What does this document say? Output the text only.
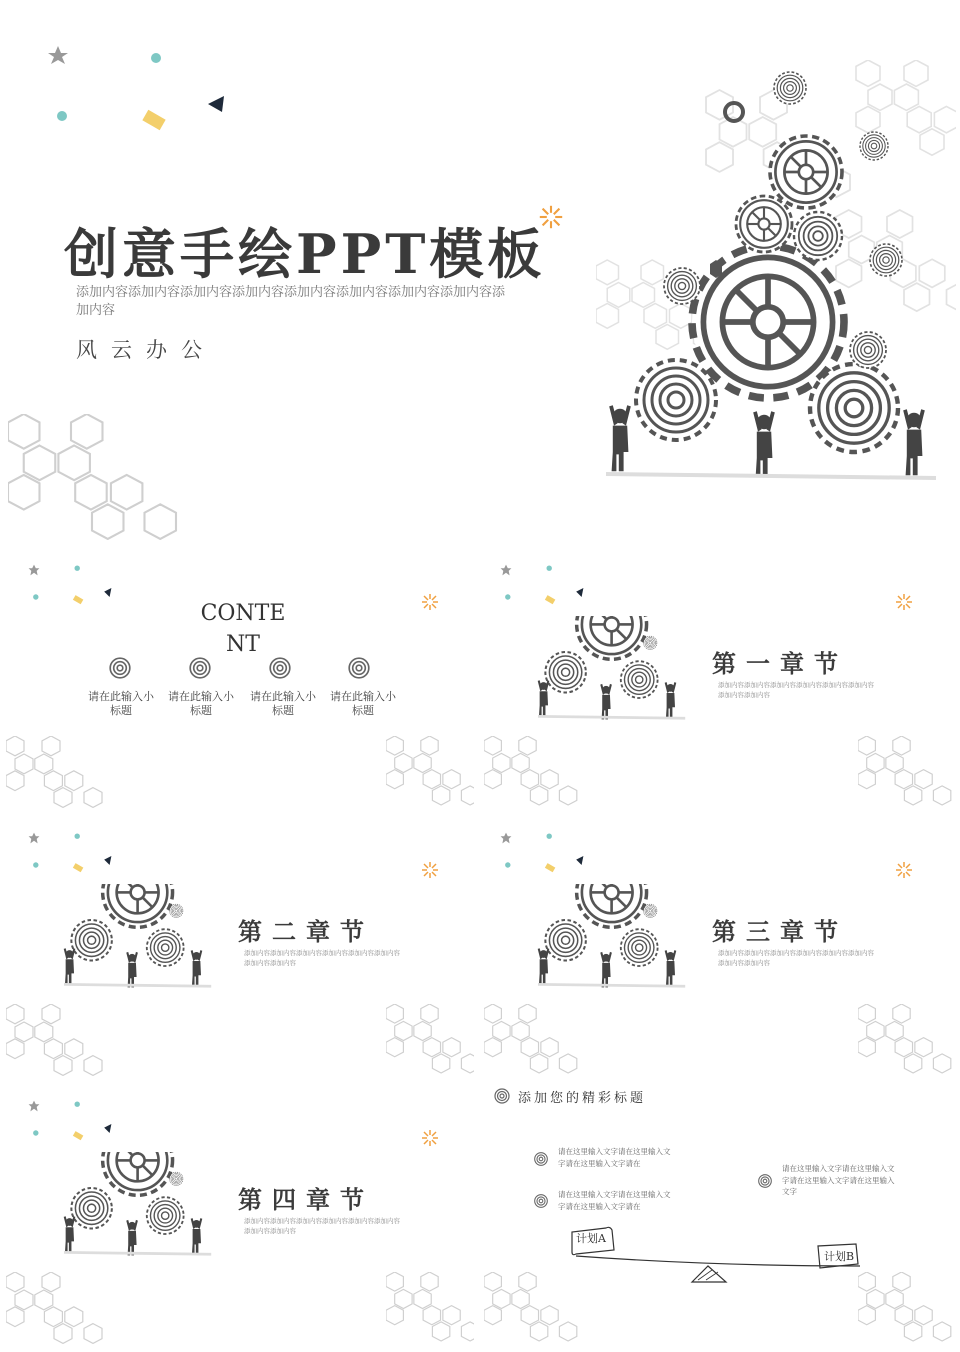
创意手绘PPT模板
添加内容添加内容添加内容添加内容添加内容添加内容添加内容添加内容添加内容
风云办公
CONTENT
请在此输入小标题
请在此输入小标题
请在此输入小标题
请在此输入小标题
第一章节
添加内容添加内容添加内容添加内容添加内容添加内容添加内容添加内容
第二章节
添加内容添加内容添加内容添加内容添加内容添加内容添加内容添加内容
第三章节
添加内容添加内容添加内容添加内容添加内容添加内容添加内容添加内容
第四章节
添加内容添加内容添加内容添加内容添加内容添加内容添加内容添加内容
添加您的精彩标题
请在这里输入文字请在这里输入文字请在这里输入文字请在
请在这里输入文字请在这里输入文字请在这里输入文字请在
请在这里输入文字请在这里输入文字请在这里输入文字请在这里输入文字
计划A
计划B
